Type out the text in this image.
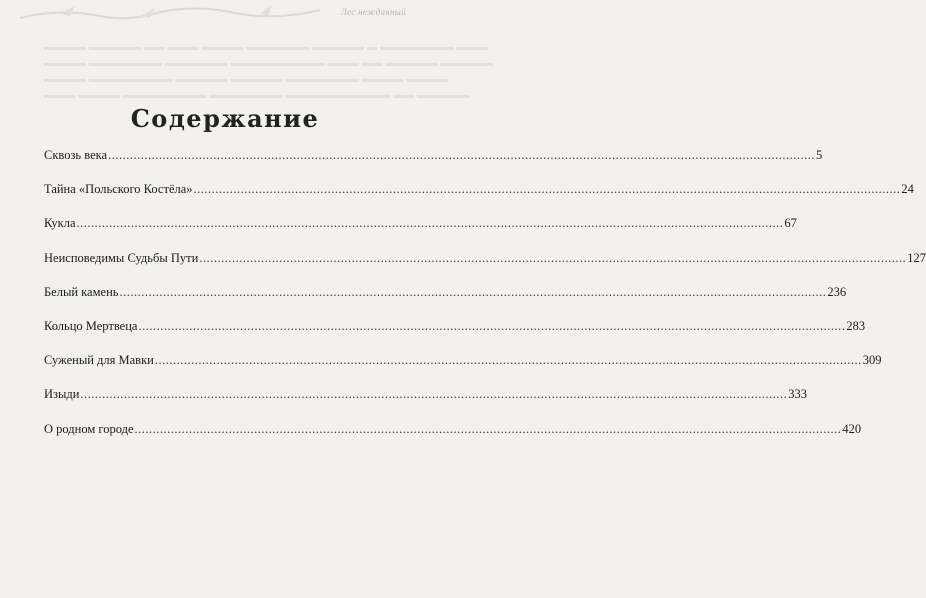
Лес нежданный
▬▬▬▬ ▬▬▬▬▬ ▬▬ ▬▬▬ ▬▬▬▬ ▬▬▬▬▬▬ ▬▬▬▬▬ ▬ ▬▬▬▬▬▬▬ ▬▬▬
▬▬▬▬ ▬▬▬▬▬▬▬ ▬▬▬▬▬▬ ▬▬▬▬▬▬▬▬▬ ▬▬▬ ▬▬ ▬▬▬▬▬ ▬▬▬▬▬
▬▬▬▬ ▬▬▬▬▬▬▬▬ ▬▬▬▬▬ ▬▬▬▬▬ ▬▬▬▬▬▬▬ ▬▬▬▬ ▬▬▬▬
▬▬▬ ▬▬▬▬ ▬▬▬▬▬▬▬▬ ▬▬▬▬▬▬▬ ▬▬▬▬▬▬▬▬▬▬ ▬▬ ▬▬▬▬▬
Содержание
Сквозь века .....	5
Тайна «Польского Костёла» .....	24
Кукла .....	67
Неисповедимы Судьбы Пути .....	127
Белый камень .....	236
Кольцо Мертвеца .....	283
Суженый для Мавки .....	309
Изыди .....	333
О родном городе .....	420
